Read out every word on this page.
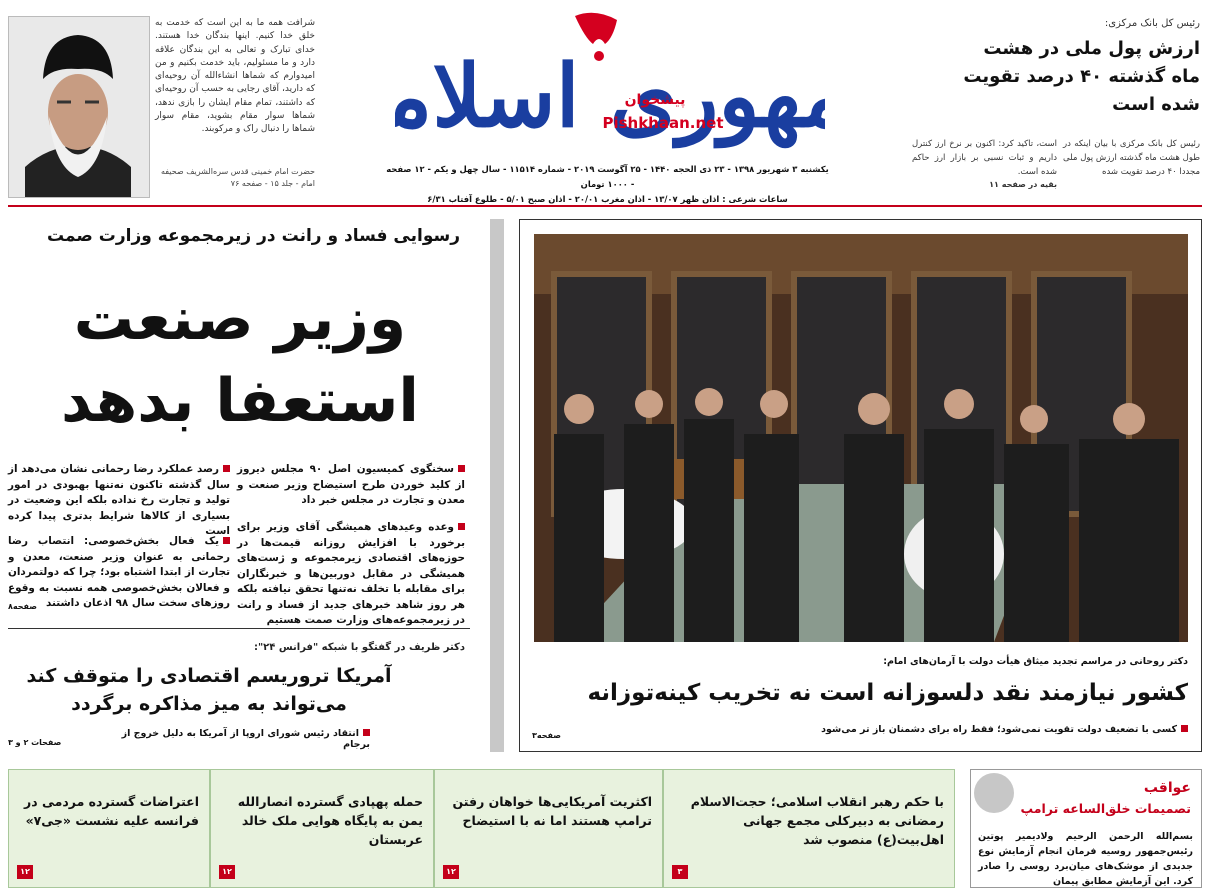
شرافت همه ما به این است که خدمت به خلق خدا کنیم. اینها بندگان خدا هستند. خدای تبارک و تعالی به این بندگان علاقه دارد و ما مسئولیم، باید خدمت بکنیم و من امیدوارم که شماها انشاءالله آن روحیه‌ای که دارید، آقای رجایی به حسب آن روحیه‌ای که داشتند، تمام مقام ایشان را بازی ندهد، شماها سوار مقام بشوید، مقام سوار شماها را دنبال راک و مرکوبند.
حضرت امام خمینی قدس سره‌الشریف صحیفه امام - جلد ۱۵ - صفحه ۷۶
هوری اسلام	پیشخوان
Pishkhaan.net
یکشنبه ۳ شهریور ۱۳۹۸ - ۲۳ ذی الحجه ۱۴۴۰ - ۲۵ آگوست ۲۰۱۹ - شماره ۱۱۵۱۴ - سال چهل و یکم - ۱۲ صفحه - ۱۰۰۰ تومان
ساعات شرعی : اذان ظهر ۱۳/۰۷ - اذان مغرب ۲۰/۰۱ - اذان صبح ۵/۰۱ - طلوع آفتاب ۶/۳۱
رئیس کل بانک مرکزی:
ارزش پول ملی در هشت ماه گذشته ۴۰ درصد تقویت شده است
رئیس کل بانک مرکزی با بیان اینکه در طول هشت ماه گذشته ارزش پول ملی مجددا ۴۰ درصد تقویت شده
است، تاکید کرد: اکنون بر نرخ ارز کنترل داریم و ثبات نسبی بر بازار ارز حاکم شده است.
بقیه در صفحه ۱۱
رسوایی فساد و رانت در زیرمجموعه وزارت صمت
وزیر صنعت
استعفا بدهد
سخنگوی کمیسیون اصل ۹۰ مجلس دیروز از کلید خوردن طرح استیضاح وزیر صنعت و معدن و تجارت در مجلس خبر داد
رصد عملکرد رضا رحمانی نشان می‌دهد از سال گذشته تاکنون نه‌تنها بهبودی در امور تولید و تجارت رخ نداده بلکه این وضعیت در بسیاری از کالاها شرایط بدتری پیدا کرده است وعده وعیدهای همیشگی آقای وزیر برای برخورد با افزایش روزانه قیمت‌ها در حوزه‌های اقتصادی زیرمجموعه و ژست‌های همیشگی در مقابل دوربین‌ها و خبرنگاران برای مقابله با تخلف نه‌تنها تحقق نیافته بلکه هر روز شاهد خبرهای جدید از فساد و رانت در زیرمجموعه‌های وزارت صمت هستیم
یک فعال بخش‌خصوصی: انتصاب رضا رحمانی به عنوان وزیر صنعت، معدن و تجارت از ابتدا اشتباه بود؛ چرا که دولتمردان و فعالان بخش‌خصوصی همه نسبت به وقوع روزهای سخت سال ۹۸ اذعان داشتند
صفحه۸
دکتر ظریف در گفتگو با شبکه "فرانس ۲۴":
آمریکا تروریسم اقتصادی را متوقف کند می‌تواند به میز مذاکره برگردد
انتقاد رئیس شورای اروپا از آمریکا به دلیل خروج از برجام
صفحات ۲ و ۳
دکتر روحانی در مراسم تجدید میثاق هیأت دولت با آرمان‌های امام:
کشور نیازمند نقد دلسوزانه است نه تخریب کینه‌توزانه
کسی با تضعیف دولت تقویت نمی‌شود؛ فقط راه برای دشمنان باز تر می‌شود
صفحه۳
با حکم رهبر انقلاب اسلامی؛ حجت‌الاسلام رمضانی به دبیرکلی مجمع جهانی اهل‌بیت(ع) منصوب شد
۳
اکثریت آمریکایی‌ها خواهان رفتن ترامپ هستند اما نه با استیضاح
۱۲
حمله پهپادی گسترده انصارالله یمن به پایگاه هوایی ملک خالد عربستان
۱۲
اعتراضات گسترده مردمی در فرانسه علیه نشست «جی۷»
۱۲
عواقب
تصمیمات خلق‌الساعه ترامپ
بسم‌الله الرحمن الرحیم ولادیمیر پوتین رئیس‌جمهور روسیه فرمان انجام آزمایش نوع جدیدی از موشک‌های میان‌برد روسی را صادر کرد. این آزمایش مطابق پیمان
